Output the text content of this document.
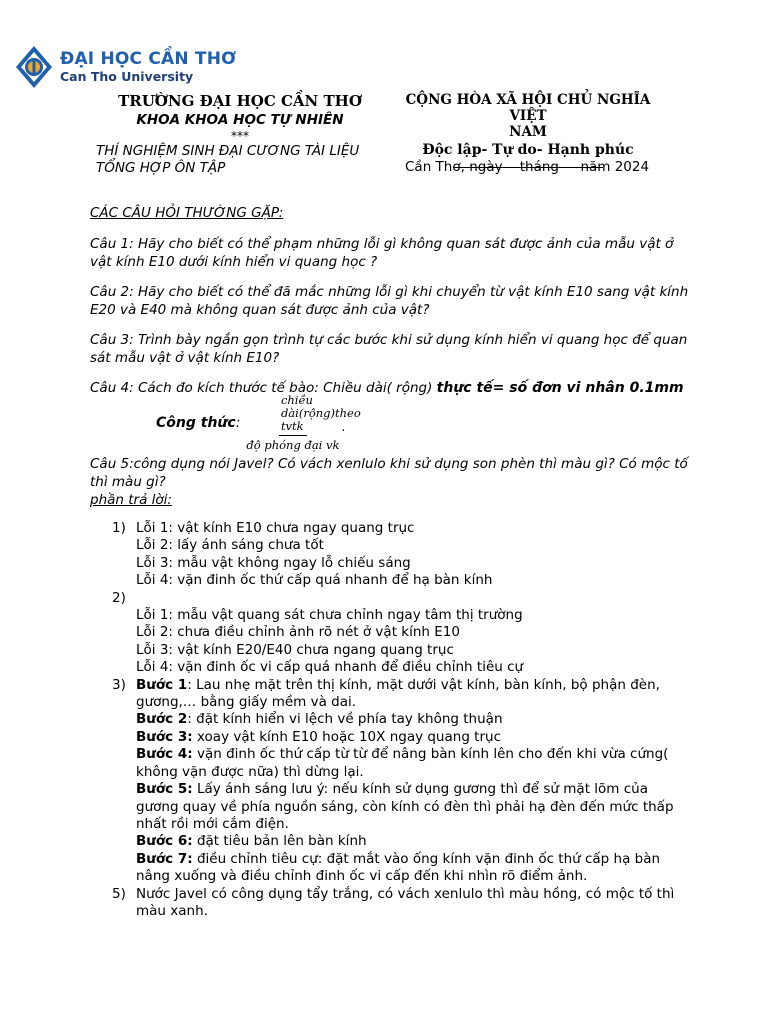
ĐẠI HỌC CẦN THƠ
Can Tho University
TRƯỜNG ĐẠI HỌC CẦN THƠ
KHOA KHOA HỌC TỰ NHIÊN
***
THÍ NGHIỆM SINH ĐẠI CƯƠNG TÀI LIỆU
TỔNG HỢP ÔN TẬP
CỘNG HÒA XÃ HỘI CHỦ NGHĨA VIỆT
NAM
Độc lập- Tự do- Hạnh phúc
Cần Thơ, ngày    tháng     năm 2024

CÁC CÂU HỎI THƯỜNG GẶP:

Câu 1: Hãy cho biết có thể phạm những lỗi gì không quan sát được ảnh của mẫu vật ở vật kính E10 dưới kính hiển vi quang học ?

Câu 2: Hãy cho biết có thể đã mắc những lỗi gì khi chuyển từ vật kính E10 sang vật kính E20 và E40 mà không quan sát được ảnh của vật?

Câu 3: Trình bày ngắn gọn trình tự các bước khi sử dụng kính hiển vi quang học để quan sát mẫu vật ở vật kính E10?

Câu 4: Cách đo kích thước tế bào: Chiều dài( rộng) thực tế= số đơn vi nhân 0.1mm

Công thức : $\frac{\text{chiều dài(rộng)theo tvtk}}{\text{độ phóng đại vk}}$ .

Câu 5:công dụng nói Javel? Có vách xenlulo khi sử dụng son phèn thì màu gì? Có mộc tố thì màu gì?

phần trả lời:

1) Lỗi 1: vật kính E10 chưa ngay quang trục
Lỗi 2: lấy ánh sáng chưa tốt
Lỗi 3: mẫu vật không ngay lỗ chiếu sáng
Lỗi 4: vặn đinh ốc thứ cấp quá nhanh để hạ bàn kính
2)

Lỗi 1: mẫu vật quang sát chưa chỉnh ngay tâm thị trường
Lỗi 2: chưa điều chỉnh ảnh rõ nét ở vật kính E10
Lỗi 3: vật kính E20/E40 chưa ngang quang trục
Lỗi 4: vặn đinh ốc vi cấp quá nhanh để điều chỉnh tiêu cự
3) Bước 1: Lau nhẹ mặt trên thị kính, mặt dưới vật kính, bàn kính, bộ phận đèn, gương,… bằng giấy mềm và dai.
Bước 2: đặt kính hiển vi lệch về phía tay không thuận
Bước 3: xoay vật kính E10 hoặc 10X ngay quang trục
Bước 4: vặn đinh ốc thứ cấp từ từ để nâng bàn kính lên cho đến khi vừa cứng( không vặn được nữa) thì dừng lại.
Bước 5: Lấy ánh sáng lưu ý: nếu kính sử dụng gương thì để sử mặt lõm của gương quay về phía nguồn sáng, còn kính có đèn thì phải hạ đèn đến mức thấp nhất rồi mới cắm điện.
Bước 6: đặt tiêu bản lên bàn kính
Bước 7: điều chỉnh tiêu cự: đặt mắt vào ống kính vặn đinh ốc thứ cấp hạ bàn nâng xuống và điều chỉnh đinh ốc vi cấp đến khi nhìn rõ điểm ảnh.
5) Nước Javel có công dụng tẩy trắng, có vách xenlulo thì màu hồng, có mộc tố thì màu xanh.
